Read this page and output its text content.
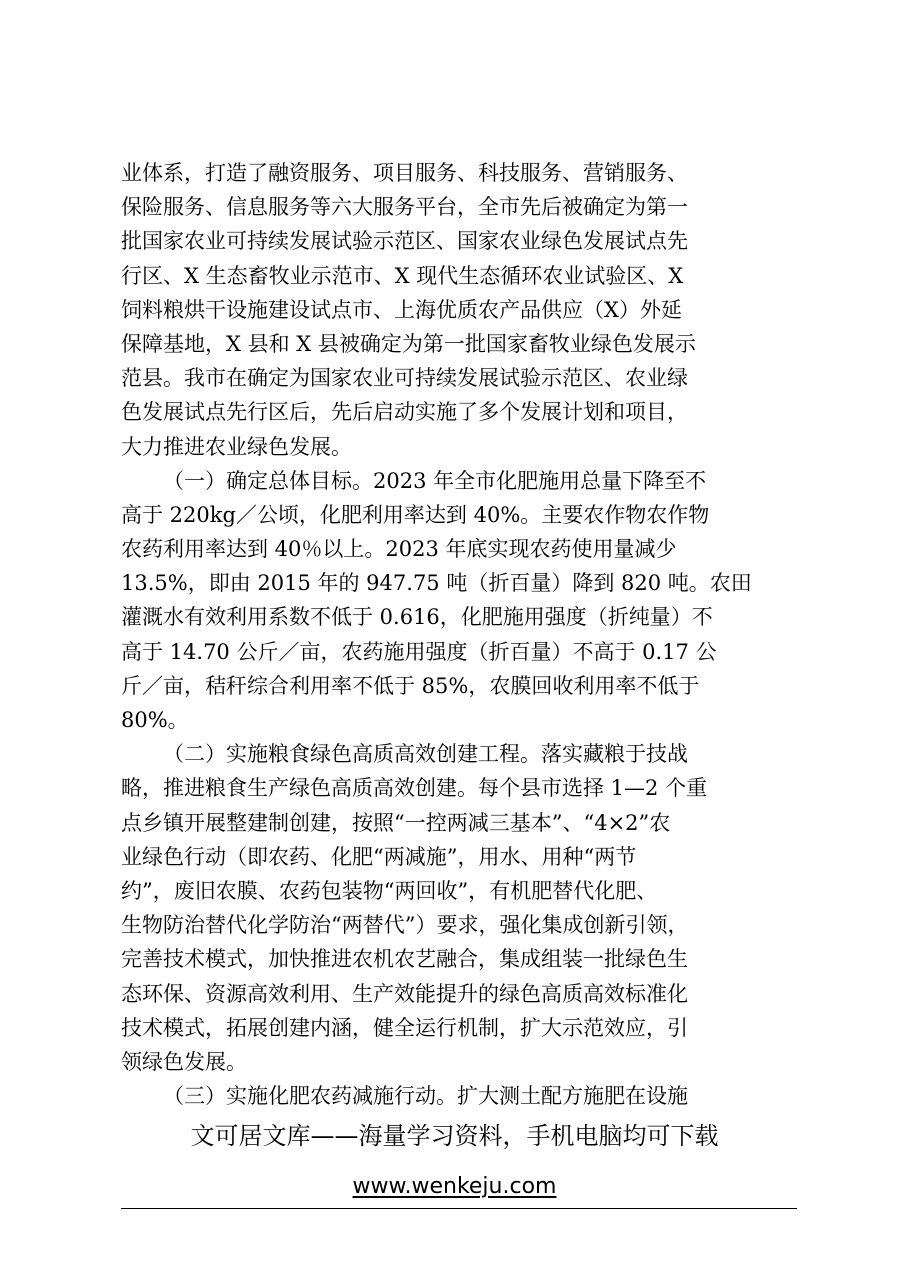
业体系，打造了融资服务、项目服务、科技服务、营销服务、
保险服务、信息服务等六大服务平台，全市先后被确定为第一
批国家农业可持续发展试验示范区、国家农业绿色发展试点先
行区、X 生态畜牧业示范市、X 现代生态循环农业试验区、X
饲料粮烘干设施建设试点市、上海优质农产品供应（X）外延
保障基地，X 县和 X 县被确定为第一批国家畜牧业绿色发展示
范县。我市在确定为国家农业可持续发展试验示范区、农业绿
色发展试点先行区后，先后启动实施了多个发展计划和项目，
大力推进农业绿色发展。
（一）确定总体目标。2023 年全市化肥施用总量下降至不
高于 220kg／公顷，化肥利用率达到 40%。主要农作物农作物
农药利用率达到 40％以上。2023 年底实现农药使用量减少
13.5%，即由 2015 年的 947.75 吨（折百量）降到 820 吨。农田
灌溉水有效利用系数不低于 0.616，化肥施用强度（折纯量）不
高于 14.70 公斤／亩，农药施用强度（折百量）不高于 0.17 公
斤／亩，秸秆综合利用率不低于 85%，农膜回收利用率不低于
80%。
（二）实施粮食绿色高质高效创建工程。落实藏粮于技战
略，推进粮食生产绿色高质高效创建。每个县市选择 1—2 个重
点乡镇开展整建制创建，按照“一控两减三基本”、“4×2”农
业绿色行动（即农药、化肥“两减施”，用水、用种“两节
约”，废旧农膜、农药包装物“两回收”，有机肥替代化肥、
生物防治替代化学防治“两替代”）要求，强化集成创新引领，
完善技术模式，加快推进农机农艺融合，集成组装一批绿色生
态环保、资源高效利用、生产效能提升的绿色高质高效标准化
技术模式，拓展创建内涵，健全运行机制，扩大示范效应，引
领绿色发展。
（三）实施化肥农药减施行动。扩大测土配方施肥在设施
文可居文库——海量学习资料，手机电脑均可下载
www.wenkeju.com
